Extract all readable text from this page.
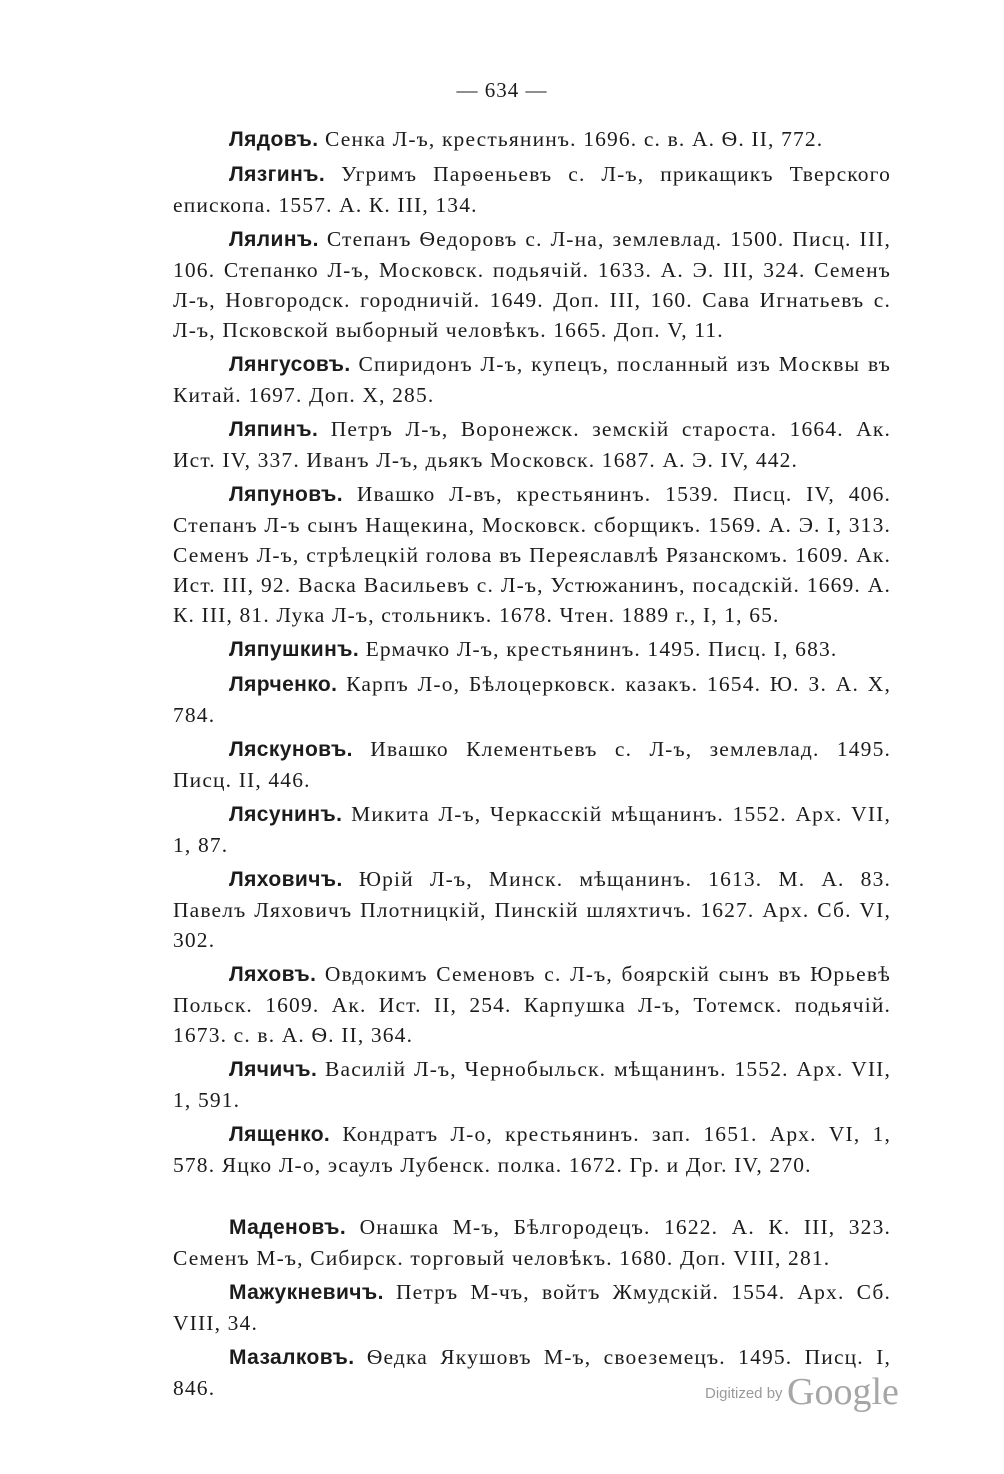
— 634 —

Лядовъ. Сенка Л-ъ, крестьянинъ. 1696. с. в. А. Ѳ. II, 772.

Лязгинъ. Угримъ Парѳеньевъ с. Л-ъ, прикащикъ Тверского епископа. 1557. А. К. III, 134.

Лялинъ. Степанъ Ѳедоровъ с. Л-на, землевлад. 1500. Писц. III, 106. Степанко Л-ъ, Московск. подьячій. 1633. А. Э. III, 324. Семенъ Л-ъ, Новгородск. городничій. 1649. Доп. III, 160. Сава Игнатьевъ с. Л-ъ, Псковской выборный человѣкъ. 1665. Доп. V, 11.

Лянгусовъ. Спиридонъ Л-ъ, купецъ, посланный изъ Москвы въ Китай. 1697. Доп. X, 285.

Ляпинъ. Петръ Л-ъ, Воронежск. земскій староста. 1664. Ак. Ист. IV, 337. Иванъ Л-ъ, дьякъ Московск. 1687. А. Э. IV, 442.

Ляпуновъ. Ивашко Л-въ, крестьянинъ. 1539. Писц. IV, 406. Степанъ Л-ъ сынъ Нащекина, Московск. сборщикъ. 1569. А. Э. I, 313. Семенъ Л-ъ, стрѣлецкій голова въ Переяславлѣ Рязанскомъ. 1609. Ак. Ист. III, 92. Васка Васильевъ с. Л-ъ, Устюжанинъ, посадскій. 1669. А. К. III, 81. Лука Л-ъ, стольникъ. 1678. Чтен. 1889 г., I, 1, 65.

Ляпушкинъ. Ермачко Л-ъ, крестьянинъ. 1495. Писц. I, 683.

Лярченко. Карпъ Л-о, Бѣлоцерковск. казакъ. 1654. Ю. З. А. X, 784.

Ляскуновъ. Ивашко Клементьевъ с. Л-ъ, землевлад. 1495. Писц. II, 446.

Лясунинъ. Микита Л-ъ, Черкасскій мѣщанинъ. 1552. Арх. VII, 1, 87.

Ляховичъ. Юрій Л-ъ, Минск. мѣщанинъ. 1613. М. А. 83. Павелъ Ляховичъ Плотницкій, Пинскій шляхтичъ. 1627. Арх. Сб. VI, 302.

Ляховъ. Овдокимъ Семеновъ с. Л-ъ, боярскій сынъ въ Юрьевѣ Польск. 1609. Ак. Ист. II, 254. Карпушка Л-ъ, Тотемск. подьячій. 1673. с. в. А. Ѳ. II, 364.

Лячичъ. Василій Л-ъ, Чернобыльск. мѣщанинъ. 1552. Арх. VII, 1, 591.

Лященко. Кондратъ Л-о, крестьянинъ. зап. 1651. Арх. VI, 1, 578. Яцко Л-о, эсаулъ Лубенск. полка. 1672. Гр. и Дог. IV, 270.

Маденовъ. Онашка М-ъ, Бѣлгородецъ. 1622. А. К. III, 323. Семенъ М-ъ, Сибирск. торговый человѣкъ. 1680. Доп. VIII, 281.

Мажукневичъ. Петръ М-чъ, войтъ Жмудскій. 1554. Арх. Сб. VIII, 34.

Мазалковъ. Ѳедка Якушовъ М-ъ, своеземецъ. 1495. Писц. I, 846.	Digitized by Google
